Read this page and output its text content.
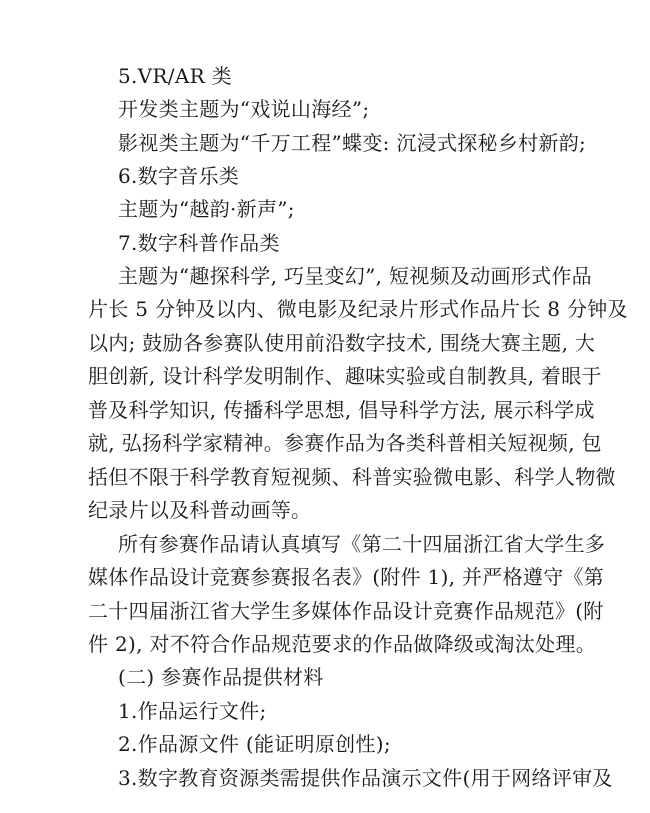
5.VR/AR 类

开发类主题为“戏说山海经”;

影视类主题为“千万工程”蝶变: 沉浸式探秘乡村新韵;

6.数字音乐类

主题为“越韵·新声”;

7.数字科普作品类

主题为“趣探科学, 巧呈变幻”, 短视频及动画形式作品

片长 5 分钟及以内、微电影及纪录片形式作品片长 8 分钟及

以内; 鼓励各参赛队使用前沿数字技术, 围绕大赛主题, 大

胆创新, 设计科学发明制作、趣味实验或自制教具, 着眼于

普及科学知识, 传播科学思想, 倡导科学方法, 展示科学成

就, 弘扬科学家精神。参赛作品为各类科普相关短视频, 包

括但不限于科学教育短视频、科普实验微电影、科学人物微

纪录片以及科普动画等。

所有参赛作品请认真填写《第二十四届浙江省大学生多

媒体作品设计竞赛参赛报名表》(附件 1), 并严格遵守《第

二十四届浙江省大学生多媒体作品设计竞赛作品规范》(附

件 2), 对不符合作品规范要求的作品做降级或淘汰处理。

(二) 参赛作品提供材料

1.作品运行文件;

2.作品源文件 (能证明原创性);

3.数字教育资源类需提供作品演示文件(用于网络评审及
